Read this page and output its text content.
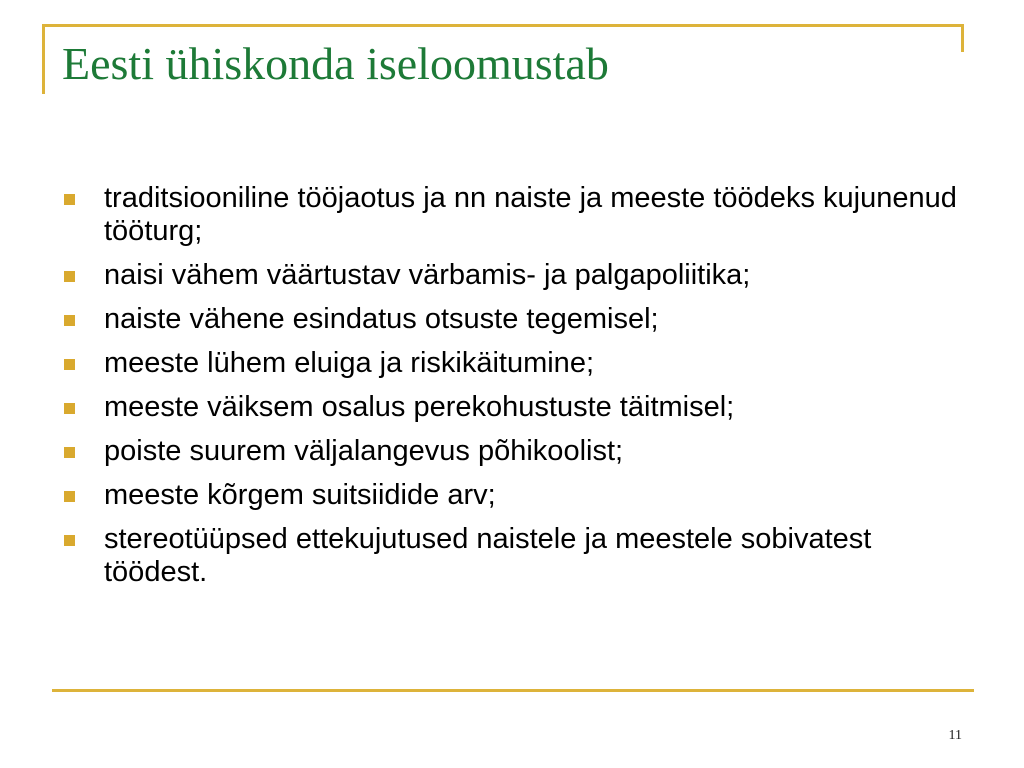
Eesti ühiskonda iseloomustab
traditsiooniline tööjaotus ja nn naiste ja meeste töödeks kujunenud tööturg;
naisi vähem väärtustav värbamis- ja palgapoliitika;
naiste vähene esindatus otsuste tegemisel;
meeste lühem eluiga ja riskikäitumine;
meeste väiksem osalus perekohustuste täitmisel;
poiste suurem väljalangevus põhikoolist;
meeste kõrgem suitsiidide arv;
stereotüüpsed ettekujutused naistele ja meestele sobivatest töödest.
11
